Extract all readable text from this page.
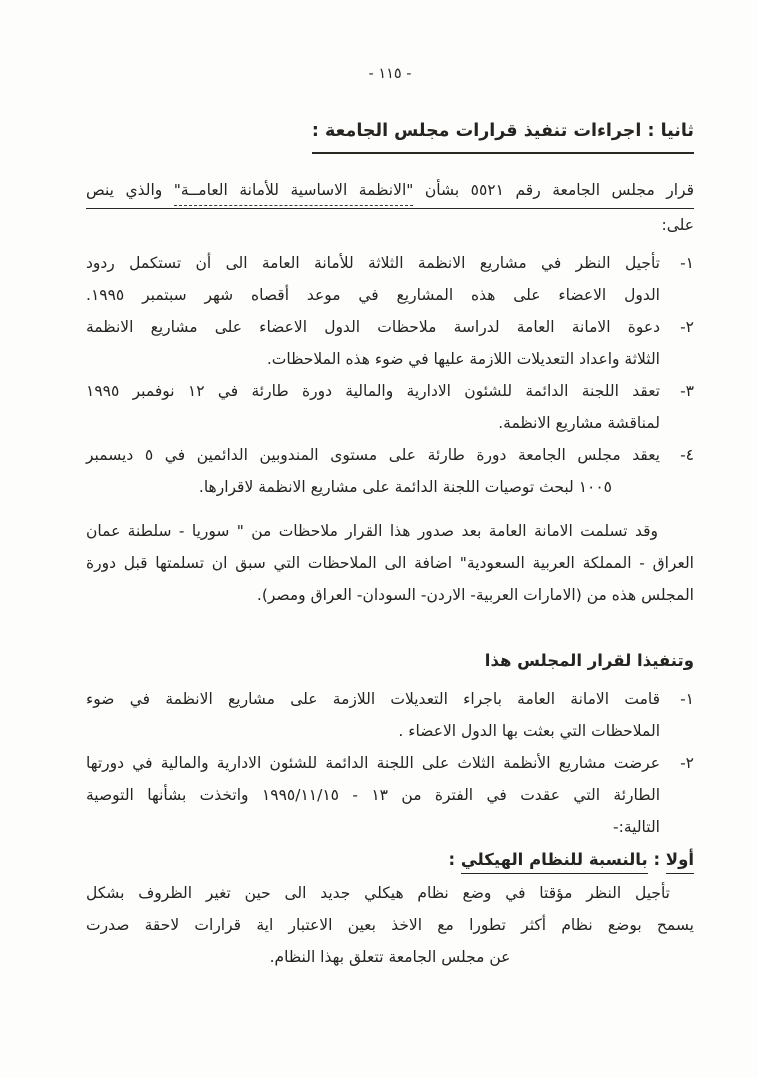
- ١١٥ -
ثانيا : اجراءات تنفيذ قرارات مجلس الجامعة :
قرار مجلس الجامعة رقم ٥٥٢١ بشأن "الانظمة الاساسية للأمانة العامــة" والذي ينص
على:
١-
تأجيل النظر في مشاريع الانظمة الثلاثة للأمانة العامة الى أن تستكمل ردود
الدول الاعضاء على هذه المشاريع في موعد أقصاه شهر سبتمبر ١٩٩٥.
٢-
دعوة الامانة العامة لدراسة ملاحظات الدول الاعضاء على مشاريع الانظمة
الثلاثة واعداد التعديلات اللازمة عليها في ضوء هذه الملاحظات.
٣-
تعقد اللجنة الدائمة للشئون الادارية والمالية دورة طارئة في ١٢ نوفمبر ١٩٩٥
لمناقشة مشاريع الانظمة.
٤-
يعقد مجلس الجامعة دورة طارئة على مستوى المندوبين الدائمين في ٥ ديسمبر
١٠٠٥ لبحث توصيات اللجنة الدائمة على مشاريع الانظمة لاقرارها.
وقد تسلمت الامانة العامة بعد صدور هذا القرار ملاحظات من " سوريا - سلطنة عمان
العراق - المملكة العربية السعودية" اضافة الى الملاحظات التي سبق ان تسلمتها قبل دورة
المجلس هذه من (الامارات العربية- الاردن- السودان- العراق ومصر).
وتنفيذا لقرار المجلس هذا
١-
قامت الامانة العامة باجراء التعديلات اللازمة على مشاريع الانظمة في ضوء
الملاحظات التي بعثت بها الدول الاعضاء .
٢-
عرضت مشاريع الأنظمة الثلاث على اللجنة الدائمة للشئون الادارية والمالية في دورتها
الطارئة التي عقدت في الفترة من ١٣ - ١٩٩٥/١١/١٥ واتخذت بشأنها التوصية
التالية:-
أولا : بالنسبة للنظام الهيكلي :
تأجيل النظر مؤقتا في وضع نظام هيكلي جديد الى حين تغير الظروف بشكل
يسمح بوضع نظام أكثر تطورا مع الاخذ بعين الاعتبار اية قرارات لاحقة صدرت
عن مجلس الجامعة تتعلق بهذا النظام.
